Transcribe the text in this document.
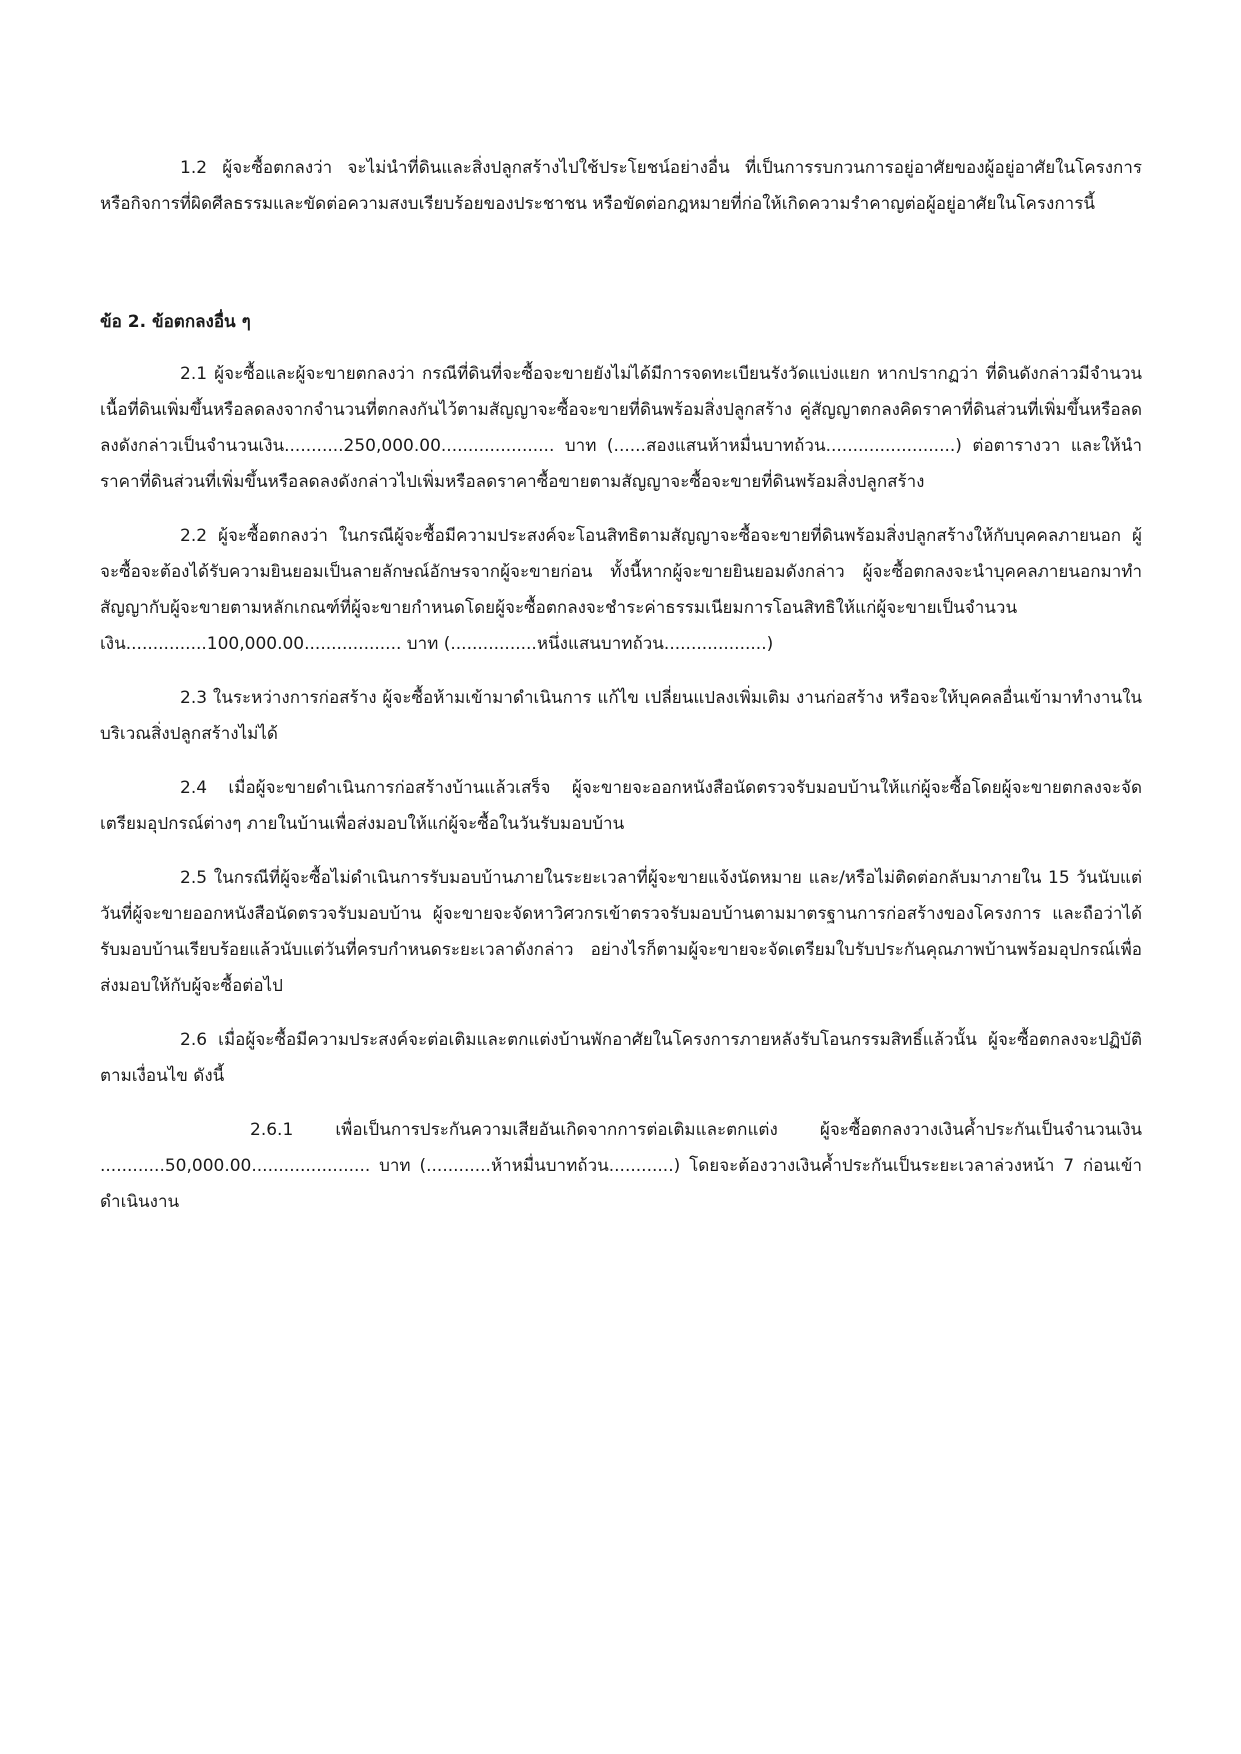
1.2 ผู้จะซื้อตกลงว่า จะไม่นำที่ดินและสิ่งปลูกสร้างไปใช้ประโยชน์อย่างอื่น ที่เป็นการรบกวนการอยู่อาศัยของผู้อยู่อาศัยในโครงการ หรือกิจการที่ผิดศีลธรรมและขัดต่อความสงบเรียบร้อยของประชาชน หรือขัดต่อกฎหมายที่ก่อให้เกิดความรำคาญต่อผู้อยู่อาศัยในโครงการนี้

ข้อ 2. ข้อตกลงอื่น ๆ

2.1 ผู้จะซื้อและผู้จะขายตกลงว่า กรณีที่ดินที่จะซื้อจะขายยังไม่ได้มีการจดทะเบียนรังวัดแบ่งแยก หากปรากฏว่า ที่ดินดังกล่าวมีจำนวนเนื้อที่ดินเพิ่มขึ้นหรือลดลงจากจำนวนที่ตกลงกันไว้ตามสัญญาจะซื้อจะขายที่ดินพร้อมสิ่งปลูกสร้าง คู่สัญญาตกลงคิดราคาที่ดินส่วนที่เพิ่มขึ้นหรือลดลงดังกล่าวเป็นจำนวนเงิน...........250,000.00..................... บาท (......สองแสนห้าหมื่นบาทถ้วน........................) ต่อตารางวา และให้นำราคาที่ดินส่วนที่เพิ่มขึ้นหรือลดลงดังกล่าวไปเพิ่มหรือลดราคาซื้อขายตามสัญญาจะซื้อจะขายที่ดินพร้อมสิ่งปลูกสร้าง

2.2 ผู้จะซื้อตกลงว่า ในกรณีผู้จะซื้อมีความประสงค์จะโอนสิทธิตามสัญญาจะซื้อจะขายที่ดินพร้อมสิ่งปลูกสร้างให้กับบุคคลภายนอก ผู้จะซื้อจะต้องได้รับความยินยอมเป็นลายลักษณ์อักษรจากผู้จะขายก่อน ทั้งนี้หากผู้จะขายยินยอมดังกล่าว ผู้จะซื้อตกลงจะนำบุคคลภายนอกมาทำสัญญากับผู้จะขายตามหลักเกณฑ์ที่ผู้จะขายกำหนดโดยผู้จะซื้อตกลงจะชำระค่าธรรมเนียมการโอนสิทธิให้แก่ผู้จะขายเป็นจำนวนเงิน...............100,000.00.................. บาท (................หนึ่งแสนบาทถ้วน...................)

2.3 ในระหว่างการก่อสร้าง ผู้จะซื้อห้ามเข้ามาดำเนินการ แก้ไข เปลี่ยนแปลงเพิ่มเติม งานก่อสร้าง หรือจะให้บุคคลอื่นเข้ามาทำงานในบริเวณสิ่งปลูกสร้างไม่ได้

2.4 เมื่อผู้จะขายดำเนินการก่อสร้างบ้านแล้วเสร็จ ผู้จะขายจะออกหนังสือนัดตรวจรับมอบบ้านให้แก่ผู้จะซื้อโดยผู้จะขายตกลงจะจัดเตรียมอุปกรณ์ต่างๆ ภายในบ้านเพื่อส่งมอบให้แก่ผู้จะซื้อในวันรับมอบบ้าน

2.5 ในกรณีที่ผู้จะซื้อไม่ดำเนินการรับมอบบ้านภายในระยะเวลาที่ผู้จะขายแจ้งนัดหมาย และ/หรือไม่ติดต่อกลับมาภายใน 15 วันนับแต่วันที่ผู้จะขายออกหนังสือนัดตรวจรับมอบบ้าน ผู้จะขายจะจัดหาวิศวกรเข้าตรวจรับมอบบ้านตามมาตรฐานการก่อสร้างของโครงการ และถือว่าได้รับมอบบ้านเรียบร้อยแล้วนับแต่วันที่ครบกำหนดระยะเวลาดังกล่าว อย่างไรก็ตามผู้จะขายจะจัดเตรียมใบรับประกันคุณภาพบ้านพร้อมอุปกรณ์เพื่อส่งมอบให้กับผู้จะซื้อต่อไป

2.6 เมื่อผู้จะซื้อมีความประสงค์จะต่อเติมและตกแต่งบ้านพักอาศัยในโครงการภายหลังรับโอนกรรมสิทธิ์แล้วนั้น ผู้จะซื้อตกลงจะปฏิบัติตามเงื่อนไข ดังนี้

2.6.1 เพื่อเป็นการประกันความเสียอันเกิดจากการต่อเติมและตกแต่ง ผู้จะซื้อตกลงวางเงินค้ำประกันเป็นจำนวนเงิน ............50,000.00...................... บาท (............ห้าหมื่นบาทถ้วน............) โดยจะต้องวางเงินค้ำประกันเป็นระยะเวลาล่วงหน้า 7 ก่อนเข้าดำเนินงาน
